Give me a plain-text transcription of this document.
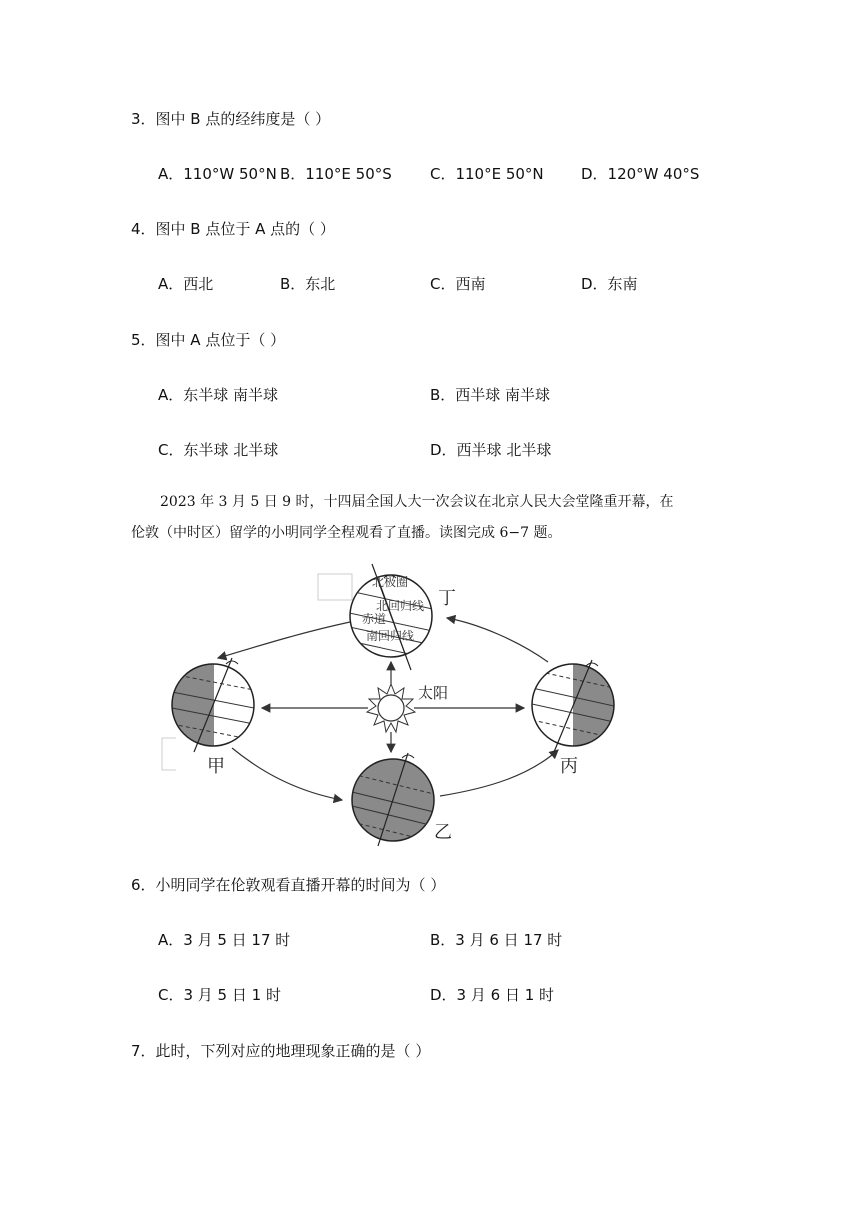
3．图中 B 点的经纬度是（ ）
A．110°W 50°N B．110°E 50°S	C．110°E 50°N D．120°W 40°S
4．图中 B 点位于 A 点的（ ）
A．西北	B．东北	C．西南	D．东南
5．图中 A 点位于（ ）
A．东半球 南半球	B．西半球 南半球
C．东半球 北半球	D．西半球 北半球
2023 年 3 月 5 日 9 时，十四届全国人大一次会议在北京人民大会堂隆重开幕，在
伦敦（中时区）留学的小明同学全程观看了直播。读图完成 6−7 题。
太阳
北极圈
北回归线
赤道
南回归线
丁
甲
乙
丙
6．小明同学在伦敦观看直播开幕的时间为（ ）
A．3 月 5 日 17 时	B．3 月 6 日 17 时
C．3 月 5 日 1 时	D．3 月 6 日 1 时
7．此时，下列对应的地理现象正确的是（ ）
